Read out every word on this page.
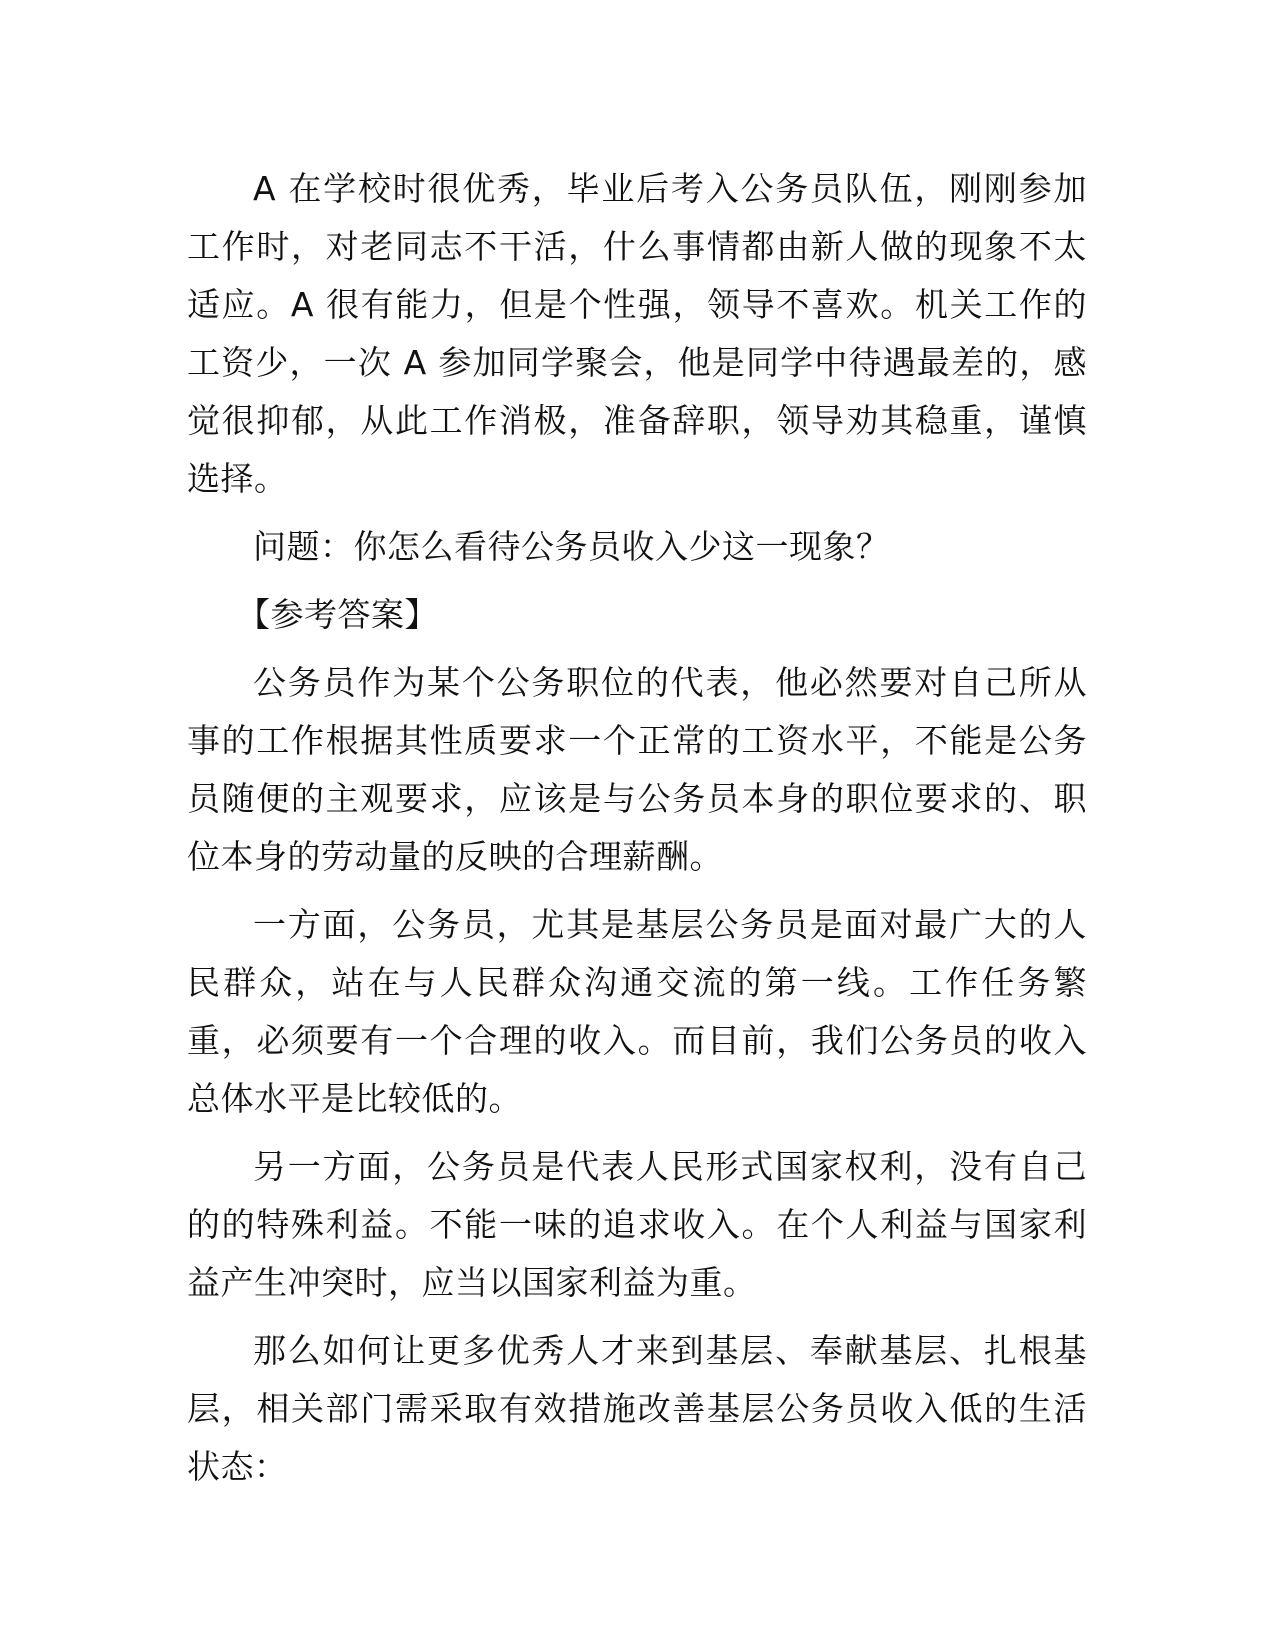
A 在学校时很优秀，毕业后考入公务员队伍，刚刚参加工作时，对老同志不干活，什么事情都由新人做的现象不太适应。A 很有能力，但是个性强，领导不喜欢。机关工作的工资少，一次 A 参加同学聚会，他是同学中待遇最差的，感觉很抑郁，从此工作消极，准备辞职，领导劝其稳重，谨慎选择。

问题：你怎么看待公务员收入少这一现象？

【参考答案】

公务员作为某个公务职位的代表，他必然要对自己所从事的工作根据其性质要求一个正常的工资水平，不能是公务员随便的主观要求，应该是与公务员本身的职位要求的、职位本身的劳动量的反映的合理薪酬。

一方面，公务员，尤其是基层公务员是面对最广大的人民群众，站在与人民群众沟通交流的第一线。工作任务繁重，必须要有一个合理的收入。而目前，我们公务员的收入总体水平是比较低的。

另一方面，公务员是代表人民形式国家权利，没有自己的的特殊利益。不能一味的追求收入。在个人利益与国家利益产生冲突时，应当以国家利益为重。

那么如何让更多优秀人才来到基层、奉献基层、扎根基层，相关部门需采取有效措施改善基层公务员收入低的生活状态：
